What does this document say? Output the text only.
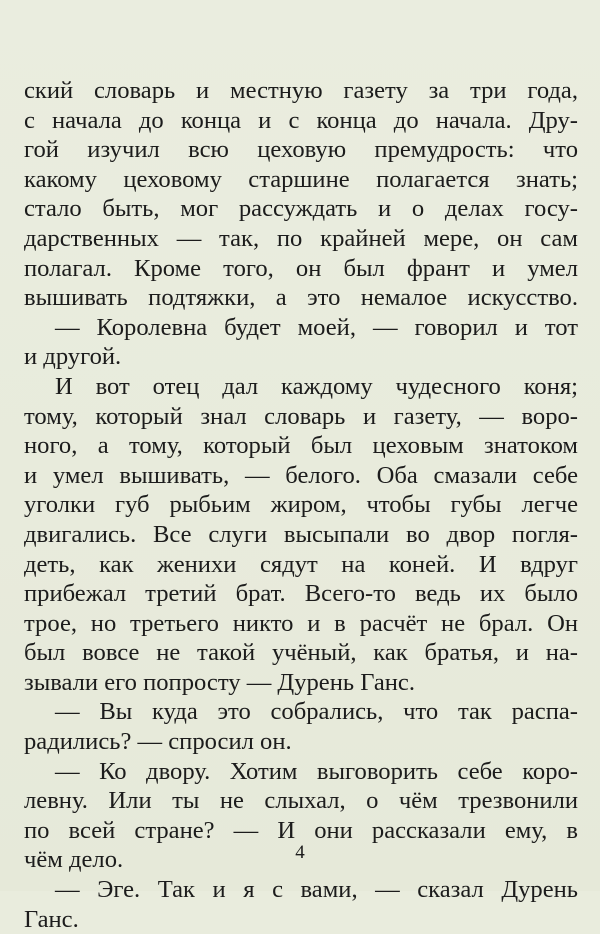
ский словарь и местную газету за три года,
с начала до конца и с конца до начала. Дру-
гой изучил всю цеховую премудрость: что
какому цеховому старшине полагается знать;
стало быть, мог рассуждать и о делах госу-
дарственных — так, по крайней мере, он сам
полагал. Кроме того, он был франт и умел
вышивать подтяжки, а это немалое искусство.
— Королевна будет моей, — говорил и тот
и другой.
И вот отец дал каждому чудесного коня;
тому, который знал словарь и газету, — воро-
ного, а тому, который был цеховым знатоком
и умел вышивать, — белого. Оба смазали себе
уголки губ рыбьим жиром, чтобы губы легче
двигались. Все слуги высыпали во двор погля-
деть, как женихи сядут на коней. И вдруг
прибежал третий брат. Всего-то ведь их было
трое, но третьего никто и в расчёт не брал. Он
был вовсе не такой учёный, как братья, и на-
зывали его попросту — Дурень Ганс.
— Вы куда это собрались, что так распа-
радились? — спросил он.
— Ко двору. Хотим выговорить себе коро-
левну. Или ты не слыхал, о чём трезвонили
по всей стране? — И они рассказали ему, в
чём дело.
— Эге. Так и я с вами, — сказал Дурень
Ганс.
4
